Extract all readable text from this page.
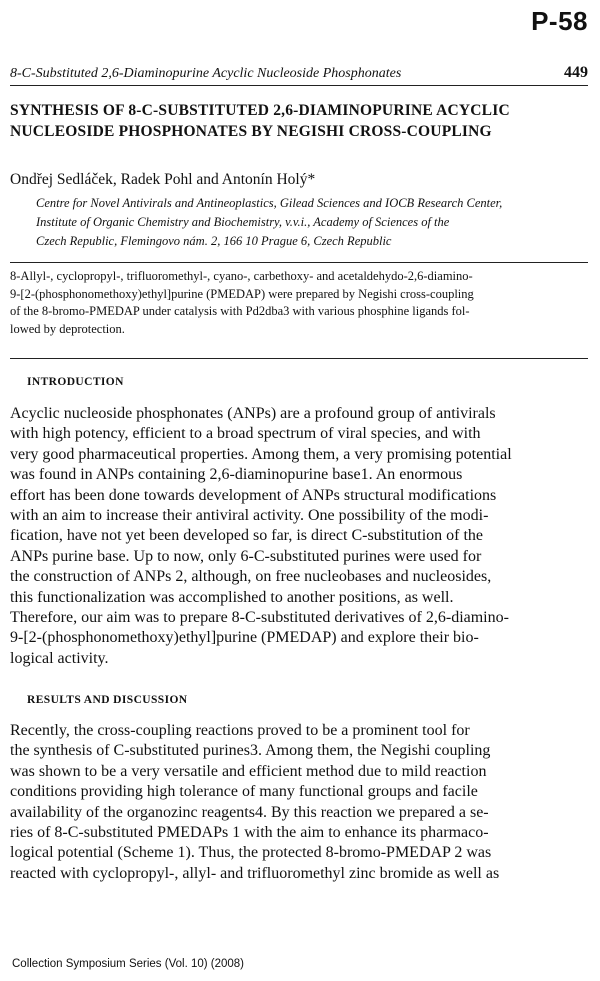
P-58
8-C-Substituted 2,6-Diaminopurine Acyclic Nucleoside Phosphonates	449
SYNTHESIS OF 8-C-SUBSTITUTED 2,6-DIAMINOPURINE ACYCLIC
NUCLEOSIDE PHOSPHONATES BY NEGISHI CROSS-COUPLING
Ondřej Sedláček, Radek Pohl and Antonín Holý*
Centre for Novel Antivirals and Antineoplastics, Gilead Sciences and IOCB Research Center,
Institute of Organic Chemistry and Biochemistry, v.v.i., Academy of Sciences of the
Czech Republic, Flemingovo nám. 2, 166 10 Prague 6, Czech Republic
8-Allyl-, cyclopropyl-, trifluoromethyl-, cyano-, carbethoxy- and acetaldehydo-2,6-diamino-
9-[2-(phosphonomethoxy)ethyl]purine (PMEDAP) were prepared by Negishi cross-coupling
of the 8-bromo-PMEDAP under catalysis with Pd2dba3 with various phosphine ligands fol-
lowed by deprotection.
INTRODUCTION
Acyclic nucleoside phosphonates (ANPs) are a profound group of antivirals
with high potency, efficient to a broad spectrum of viral species, and with
very good pharmaceutical properties. Among them, a very promising potential
was found in ANPs containing 2,6-diaminopurine base1. An enormous
effort has been done towards development of ANPs structural modifications
with an aim to increase their antiviral activity. One possibility of the modi-
fication, have not yet been developed so far, is direct C-substitution of the
ANPs purine base. Up to now, only 6-C-substituted purines were used for
the construction of ANPs 2, although, on free nucleobases and nucleosides,
this functionalization was accomplished to another positions, as well.
Therefore, our aim was to prepare 8-C-substituted derivatives of 2,6-diamino-
9-[2-(phosphonomethoxy)ethyl]purine (PMEDAP) and explore their bio-
logical activity.
RESULTS AND DISCUSSION
Recently, the cross-coupling reactions proved to be a prominent tool for
the synthesis of C-substituted purines3. Among them, the Negishi coupling
was shown to be a very versatile and efficient method due to mild reaction
conditions providing high tolerance of many functional groups and facile
availability of the organozinc reagents4. By this reaction we prepared a se-
ries of 8-C-substituted PMEDAPs 1 with the aim to enhance its pharmaco-
logical potential (Scheme 1). Thus, the protected 8-bromo-PMEDAP 2 was
reacted with cyclopropyl-, allyl- and trifluoromethyl zinc bromide as well as
Collection Symposium Series (Vol. 10) (2008)
